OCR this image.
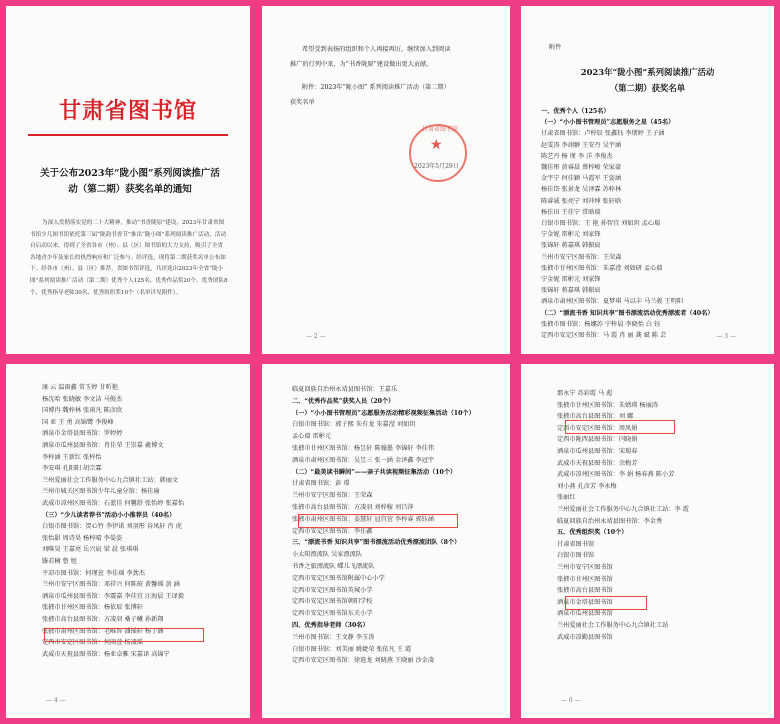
甘肃省图书馆
关于公布2023年“陇小图”系列阅读推广活动（第二期）获奖名单的通知
为深入贯彻落实党的二十大精神，推动“书香陇原”建设，2023年甘肃省图书馆少儿图书馆依托第三届“陇韵书香节”推出“陇小图”系列阅读推广活动，活动自启动以来，得到了全省各市（州）、县（区）图书馆的大力支持，吸引了全省各地青少年及家长的热烈响应和广泛参与。经评选，现将第二期获奖名单公布如下。经各市（州）、县（区）推荐，省图书馆评选，共评选出2023年全省“陇小图”系列阅读推广活动（第二期）优秀个人125名、优秀作品奖20个、优秀团队8个、优秀指导老师30名、优秀组织奖10个（名单详见附件）。
希望受到表扬的组织和个人再接再厉，继续加入到阅读
推广的行列中来，为“书香陇原”建设做出更大贡献。
附件：2023年“陇小图” 系列阅读推广活动（第二期）
获奖名单
甘肃省图书馆
★
2023年5月29日
— 2 —
附件
2023年“陇小图”系列阅读推广活动
（第二期）获奖名单
一、优秀个人（125名）
（一）“小小图书管理员”志愿服务之星（45名）
甘肃省图书馆：卢梓辰 张鑫钰 李朋婷 王子涵
赵雯涛 李翊翀 王安丹 吴宇涵
陈艺丹 杨 瑾 李 洋 李俊杰
魏佳彤 黄睿晨 蔡梓峻 荣家豪
金宇宁 何佳颖 马霞军 王姿涵
杨佳岱 张景龙 吴泽霖 苏梓林
陈睿诚 张亮宁 刘冲坤 张轩晗
杨佳田 王佳宁 常晗瑞
白银市图书馆：王 艳 孙智宜 刘如玥 孟心瑞
宁金妮 雷彬元 刘家锋
张锦轩 蒋嘉琪 韩振宸
兰州市安宁区图书馆：王荣森
张掖市甘州区图书馆：朱嘉滢 刘如研 孟心瑞
宁金妮 雷彬元 刘家锋
张锦轩 蒋嘉琪 韩振宸
酒泉市肃州区图书馆：夏梦琪 马以丰 马兰骏 王明阳
（二）“漂流书香 知识共享”图书漂流活动优秀漂流者（40名）
张掖市图书馆：杨娜苏 宁梓晨 李晓怡 白 钰
定西市安定区图书馆：马 霞 肖 丽 龚 斌 陈 芸	— 3 —
康 云 温雨鑫 常玉婷 甘昕艳
杨沈哈 张晓敏 李文洁 马俊杰
国博冉 魏梓林 张雨凡 陈彦欣
国 亚 王 勇 高锦鹭 李俊峰
酒泉市金塔县图书馆：罗婷婷
酒泉市瓜州县图书馆：肖佳荣 王崇嘉 羲博文
李梓涵 王新红 张梓怡
李安琪 孔阳阳 胡宗霖
兰州爱丽社会工作服务中心九合镇社工站：韩丽文
兰州市城关区图书馆少年儿童分馆：杨佳瑜
武威市凉州区图书馆：石蓝佳 何馨舒 张怡婷 张嘉怡
（三）“少儿读者荐书”活动小小推荐员（40名）
白银市图书馆：贺心竹 李伊诺 刘羽彤 谷凤轩 肖 虎
张怡甜 周诗昊 杨梓晴 李晏姿
刘唯昊 王嘉亮 岳兴宸 梁 晨 张琪琪
滕若楠 鲁 旭
平凉市图书馆：何瑾萱 李佳瑶 李劲杰
兰州市安宁区图书馆：邓祥兴 何陈瑄 黄馨瑶 黄 涵
酒泉市瓜州县图书馆：李震嘉 李佳宜 汪海晨 王译毅
张掖市甘州区图书馆：杨依辰 张博轩
张掖市高台县图书馆：方凌羽 桑子曦 孙新翔
张掖市肃州区图书馆：毛唯智 潘瑶轩 杨子涵
定西市安定区图书馆：何雨萱 杨凌瑶
武威市天祝县图书馆：杨亚卓雅 宋嘉译 高锦宁
— 4 —
临夏回族自治州永靖县图书馆：王嘉乐
二、“优秀作品奖”获奖人员（20个）
（一）“小小图书管理员”志愿服务活动精彩视频征集活动（10个）
白银市图书馆：郭子熙 朱有龙 朱嘉滢 刘如玥
孟心瑞 雷彬元
张掖市甘州区图书馆：杨昱轩 陈翰墨 李锦轩 李佳伟
酒泉市肃州区图书馆：吴昱三 张一涵 金泽鑫 李冠宇
（二）“最美读书瞬间”——亲子共读视频征集活动（10个）
甘肃省图书馆：彭 璟
兰州市安宁区图书馆：王荣森
张掖市高台县图书馆：方凌羽 刘梓稼 刘吕萍
张掖市肃州区图书馆：姜慧轩 冠宫萱 李梓睿 郭钰涵
定西市安定区图书馆：李佳鑫
三、“漂流书香 知识共享”图书漂流活动优秀漂流团队（8个）
小太阳漂流队 吴家漂流队
书香之旅漂流队 蝶儿飞漂流队
定西市安定区图书馆附属中心小学
定西市安定区图书馆英城小学
定西市安定区图书馆朝阳学校
定西市安定区图书馆东关小学
四、优秀指导老师（30名）
兰州市图书馆：王文静 李玉涛
白银市图书馆：刘美丽 姚婕荣 张依凡 王 霞
定西市安定区图书馆：徐逍龙 刘晓燕 王晓丽 沙金凌
那永宁 苏彩霞 马 彪
张掖市甘州区图书馆：朱婧瑛 杨丽涛
张掖市高台县图书馆：刘 娜
定西市安定区图书馆：周凤娟
定西市陇西县图书馆：闫晓娟
酒泉市瓜州县图书馆：宋瑞春
武威市天祝县图书馆：余梅芳
武威市凉州区图书馆：李 娟 杨春燕 陈小芳
刘小燕 孔彦芳 李永梅
张丽红
兰州爱丽社会工作服务中心九合镇社工站：李 霞
临夏回族自治州永靖县图书馆：李金秀
五、优秀组织奖（10个）
甘肃省图书馆
白银市图书馆
兰州市安宁区图书馆
张掖市甘州区图书馆
张掖市高台县图书馆
酒泉市金塔县图书馆
酒泉市瓜州县图书馆
兰州爱丽社会工作服务中心九合镇社工站
武威市凉勤县图书馆
— 6 —
